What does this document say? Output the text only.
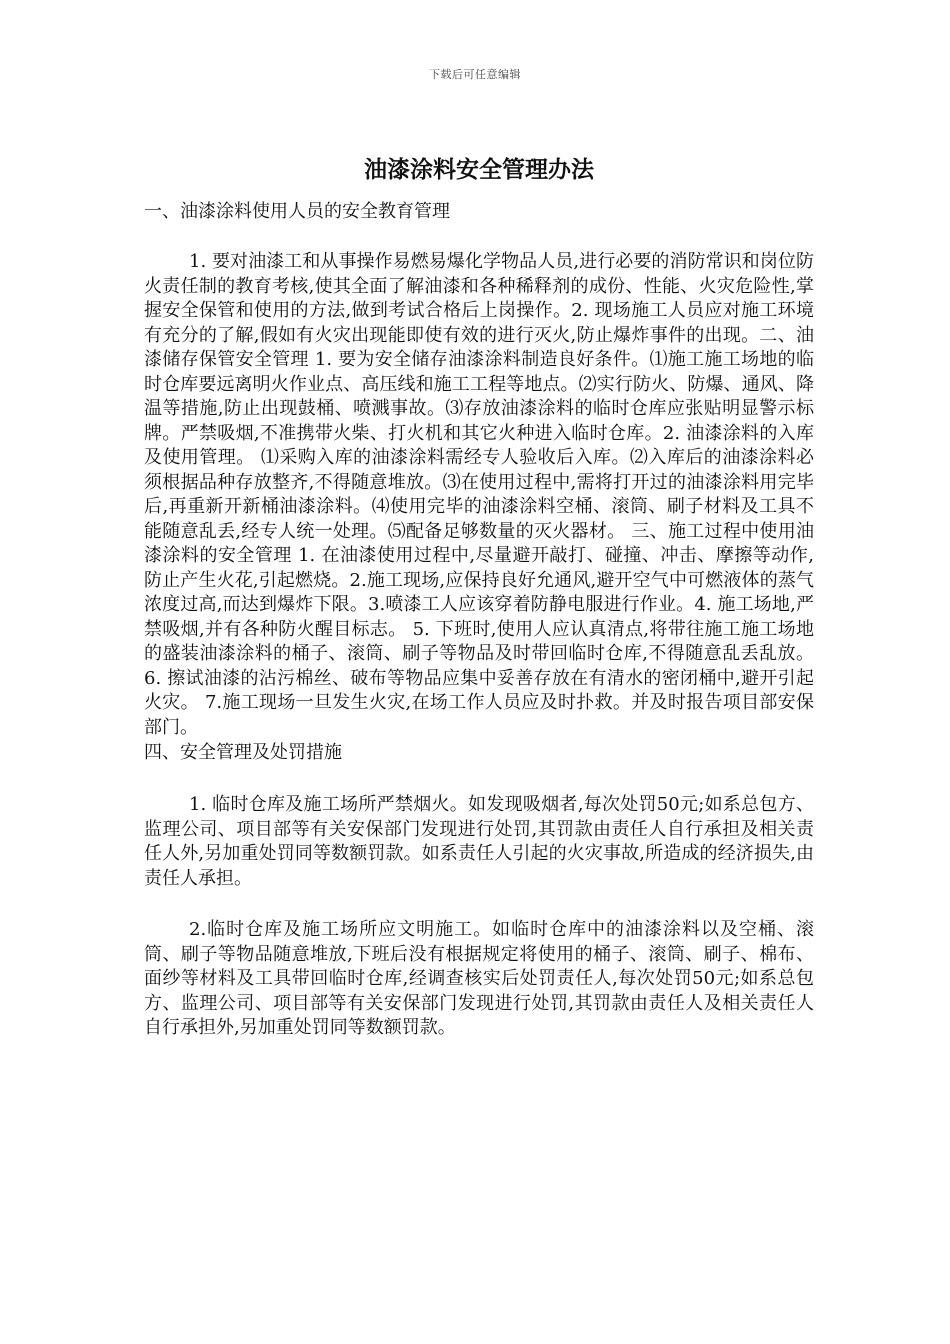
下载后可任意编辑
油漆涂料安全管理办法

一、油漆涂料使用人员的安全教育管理

1. 要对油漆工和从事操作易燃易爆化学物品人员,进行必要的消防常识和岗位防火责任制的教育考核,使其全面了解油漆和各种稀释剂的成份、性能、火灾危险性,掌握安全保管和使用的方法,做到考试合格后上岗操作。2. 现场施工人员应对施工环境有充分的了解,假如有火灾出现能即使有效的进行灭火,防止爆炸事件的出现。二、油漆储存保管安全管理 1. 要为安全储存油漆涂料制造良好条件。⑴施工施工场地的临时仓库要远离明火作业点、高压线和施工工程等地点。⑵实行防火、防爆、通风、降温等措施,防止出现鼓桶、喷溅事故。⑶存放油漆涂料的临时仓库应张贴明显警示标牌。严禁吸烟,不准携带火柴、打火机和其它火种进入临时仓库。2. 油漆涂料的入库及使用管理。 ⑴采购入库的油漆涂料需经专人验收后入库。⑵入库后的油漆涂料必须根据品种存放整齐,不得随意堆放。⑶在使用过程中,需将打开过的油漆涂料用完毕后,再重新开新桶油漆涂料。⑷使用完毕的油漆涂料空桶、滚筒、刷子材料及工具不能随意乱丢,经专人统一处理。⑸配备足够数量的灭火器材。 三、施工过程中使用油漆涂料的安全管理 1. 在油漆使用过程中,尽量避开敲打、碰撞、冲击、摩擦等动作,防止产生火花,引起燃烧。2.施工现场,应保持良好允通风,避开空气中可燃液体的蒸气浓度过高,而达到爆炸下限。3.喷漆工人应该穿着防静电服进行作业。4. 施工场地,严禁吸烟,并有各种防火醒目标志。 5. 下班时,使用人应认真清点,将带往施工施工场地的盛装油漆涂料的桶子、滚筒、刷子等物品及时带回临时仓库,不得随意乱丢乱放。 6. 擦试油漆的沾污棉丝、破布等物品应集中妥善存放在有清水的密闭桶中,避开引起火灾。 7.施工现场一旦发生火灾,在场工作人员应及时扑救。并及时报告项目部安保部门。

四、安全管理及处罚措施

1. 临时仓库及施工场所严禁烟火。如发现吸烟者,每次处罚50元;如系总包方、监理公司、项目部等有关安保部门发现进行处罚,其罚款由责任人自行承担及相关责任人外,另加重处罚同等数额罚款。如系责任人引起的火灾事故,所造成的经济损失,由责任人承担。

2.临时仓库及施工场所应文明施工。如临时仓库中的油漆涂料以及空桶、滚筒、刷子等物品随意堆放,下班后没有根据规定将使用的桶子、滚筒、刷子、棉布、面纱等材料及工具带回临时仓库,经调查核实后处罚责任人,每次处罚50元;如系总包方、监理公司、项目部等有关安保部门发现进行处罚,其罚款由责任人及相关责任人自行承担外,另加重处罚同等数额罚款。
